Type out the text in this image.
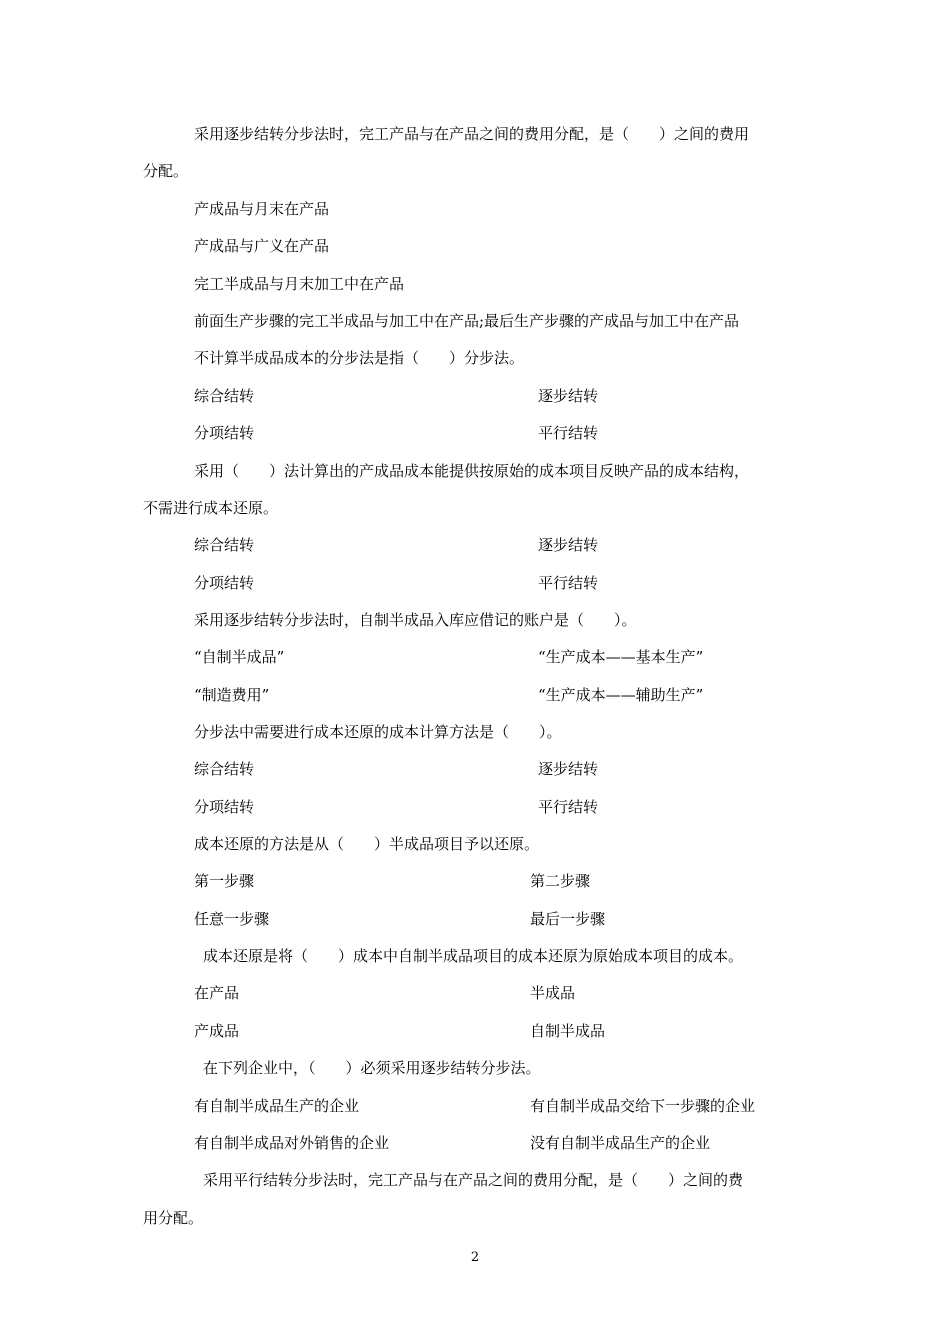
采用逐步结转分步法时，完工产品与在产品之间的费用分配，是（　　）之间的费用
分配。
产成品与月末在产品
产成品与广义在产品
完工半成品与月末加工中在产品
前面生产步骤的完工半成品与加工中在产品;最后生产步骤的产成品与加工中在产品
不计算半成品成本的分步法是指（　　）分步法。
综合结转	逐步结转
分项结转	平行结转
采用（　　）法计算出的产成品成本能提供按原始的成本项目反映产品的成本结构，
不需进行成本还原。
综合结转	逐步结转
分项结转	平行结转
采用逐步结转分步法时，自制半成品入库应借记的账户是（　　）。
“自制半成品”	“生产成本——基本生产”
“制造费用”	“生产成本——辅助生产”
分步法中需要进行成本还原的成本计算方法是（　　）。
综合结转	逐步结转
分项结转	平行结转
成本还原的方法是从（　　）半成品项目予以还原。
第一步骤	第二步骤
任意一步骤	最后一步骤
成本还原是将（　　）成本中自制半成品项目的成本还原为原始成本项目的成本。
在产品	半成品
产成品	自制半成品
在下列企业中，（　　）必须采用逐步结转分步法。
有自制半成品生产的企业	有自制半成品交给下一步骤的企业
有自制半成品对外销售的企业	没有自制半成品生产的企业
采用平行结转分步法时，完工产品与在产品之间的费用分配，是（　　）之间的费
用分配。
2
